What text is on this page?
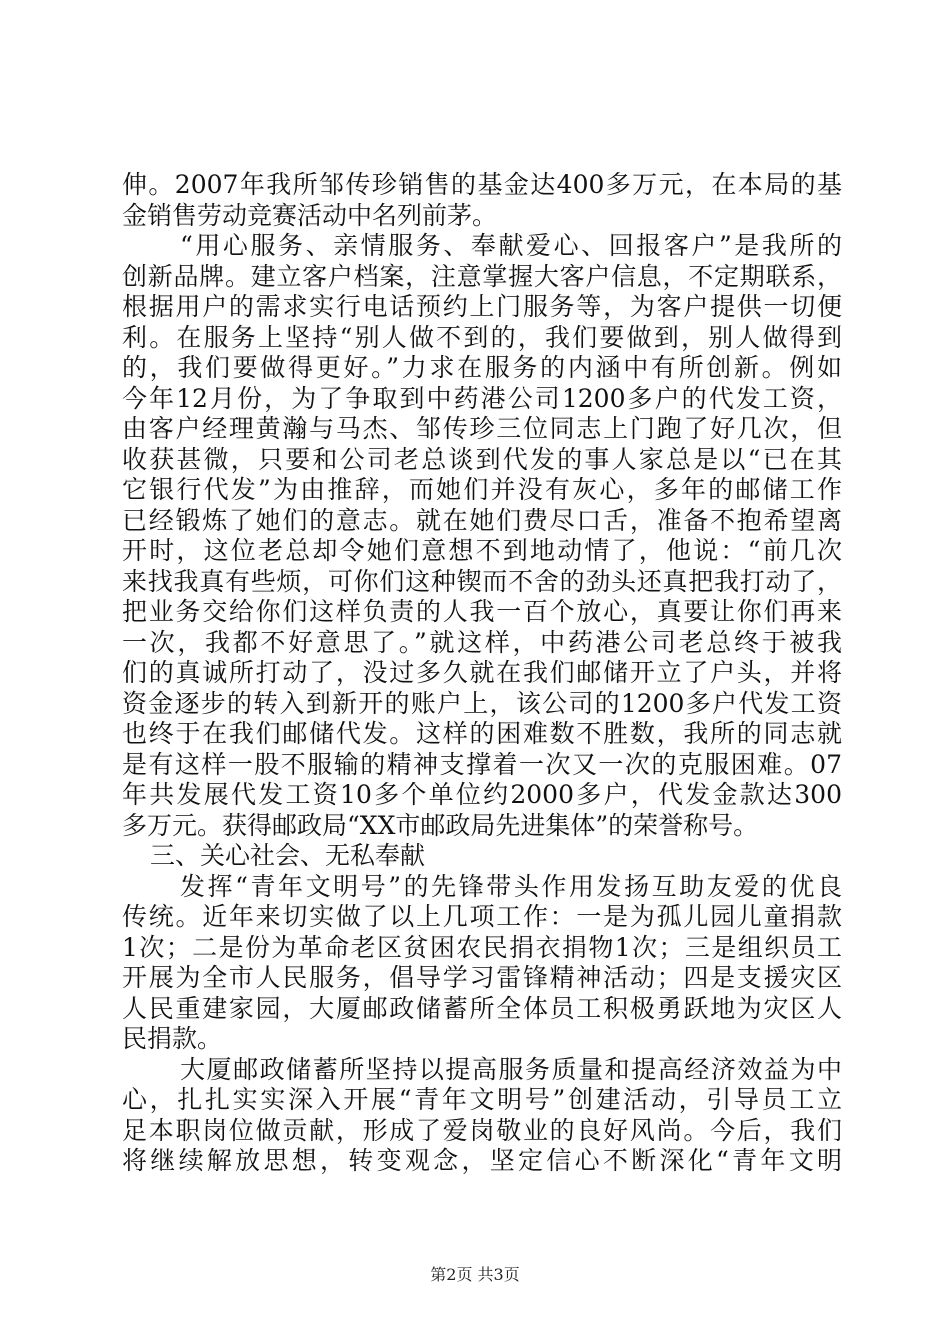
伸。2007年我所邹传珍销售的基金达400多万元，在本局的基
金销售劳动竞赛活动中名列前茅。
“用心服务、亲情服务、奉献爱心、回报客户”是我所的
创新品牌。建立客户档案，注意掌握大客户信息，不定期联系，
根据用户的需求实行电话预约上门服务等，为客户提供一切便
利。在服务上坚持“别人做不到的，我们要做到，别人做得到
的，我们要做得更好。”力求在服务的内涵中有所创新。例如
今年12月份，为了争取到中药港公司1200多户的代发工资，
由客户经理黄瀚与马杰、邹传珍三位同志上门跑了好几次，但
收获甚微，只要和公司老总谈到代发的事人家总是以“已在其
它银行代发”为由推辞，而她们并没有灰心，多年的邮储工作
已经锻炼了她们的意志。就在她们费尽口舌，准备不抱希望离
开时，这位老总却令她们意想不到地动情了，他说：“前几次
来找我真有些烦，可你们这种锲而不舍的劲头还真把我打动了，
把业务交给你们这样负责的人我一百个放心，真要让你们再来
一次，我都不好意思了。”就这样，中药港公司老总终于被我
们的真诚所打动了，没过多久就在我们邮储开立了户头，并将
资金逐步的转入到新开的账户上，该公司的1200多户代发工资
也终于在我们邮储代发。这样的困难数不胜数，我所的同志就
是有这样一股不服输的精神支撑着一次又一次的克服困难。07
年共发展代发工资10多个单位约2000多户，代发金款达300
多万元。获得邮政局“XX市邮政局先进集体”的荣誉称号。
三、关心社会、无私奉献
发挥“青年文明号”的先锋带头作用发扬互助友爱的优良
传统。近年来切实做了以上几项工作：一是为孤儿园儿童捐款
1次；二是份为革命老区贫困农民捐衣捐物1次；三是组织员工
开展为全市人民服务，倡导学习雷锋精神活动；四是支援灾区
人民重建家园，大厦邮政储蓄所全体员工积极勇跃地为灾区人
民捐款。
大厦邮政储蓄所坚持以提高服务质量和提高经济效益为中
心，扎扎实实深入开展“青年文明号”创建活动，引导员工立
足本职岗位做贡献，形成了爱岗敬业的良好风尚。今后，我们
将继续解放思想，转变观念，坚定信心不断深化“青年文明
第2页 共3页
